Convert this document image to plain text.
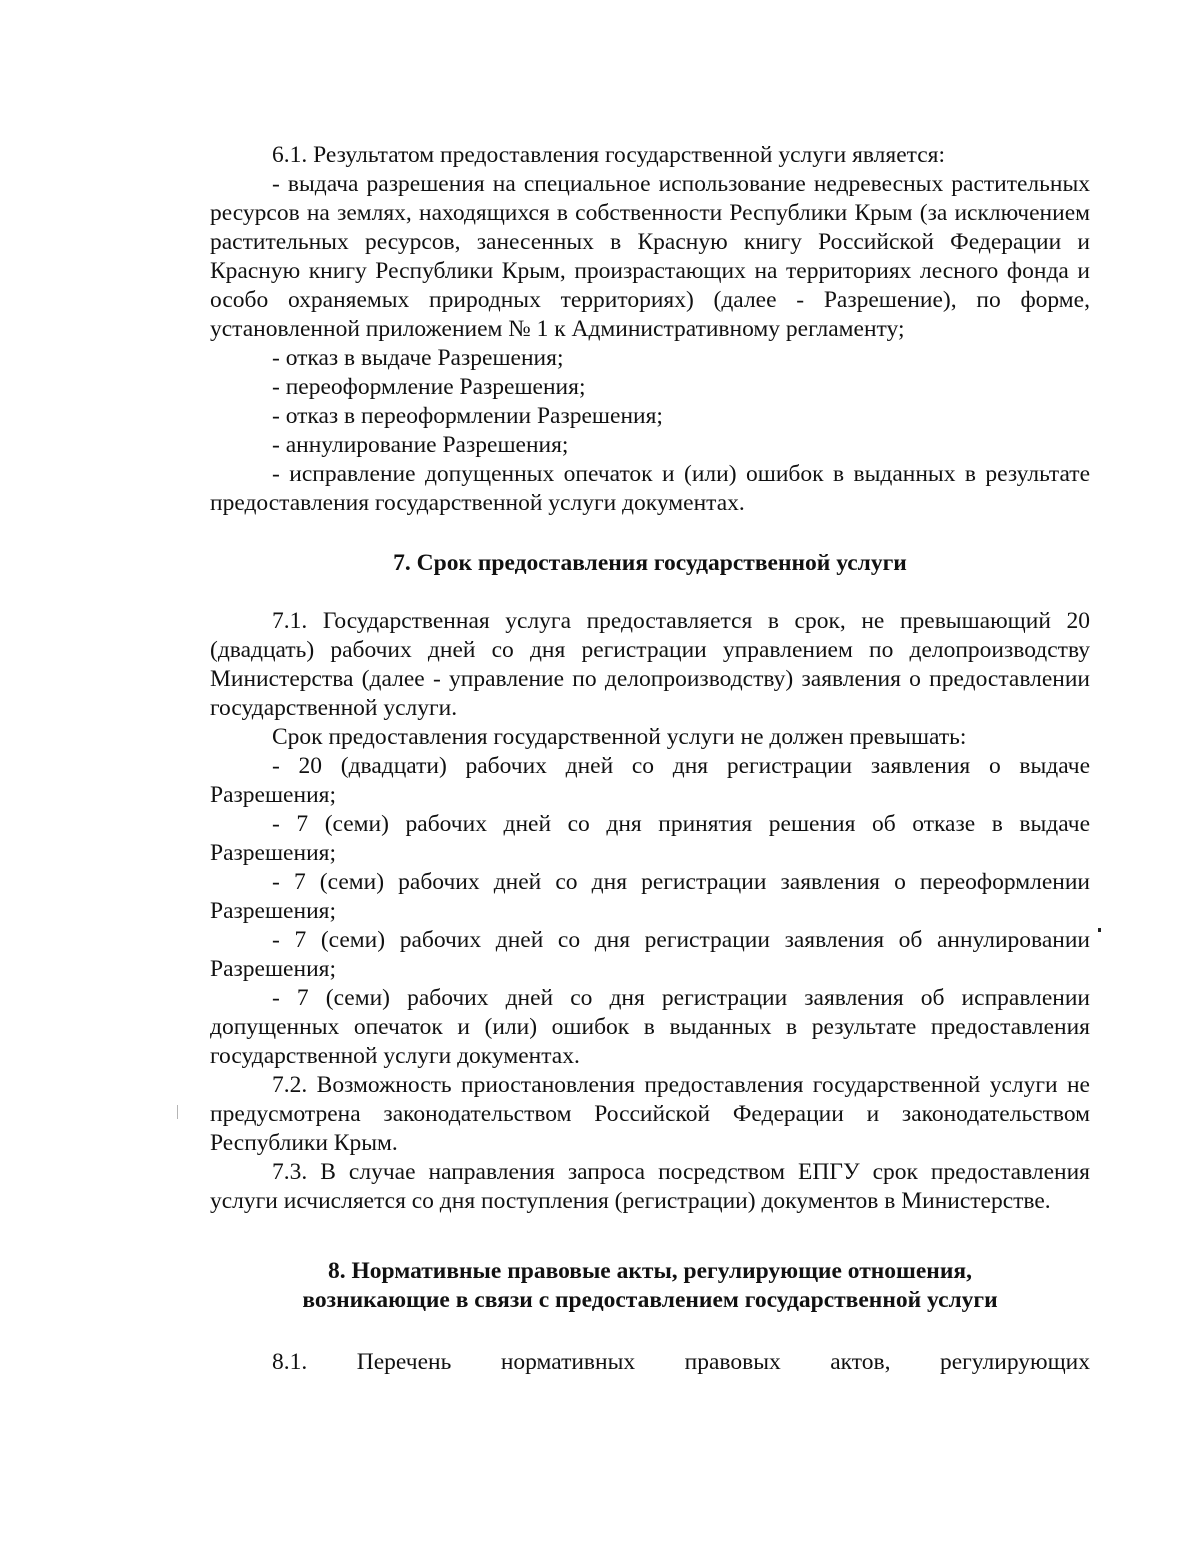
6.1. Результатом предоставления государственной услуги является:

- выдача разрешения на специальное использование недревесных растительных ресурсов на землях, находящихся в собственности Республики Крым (за исключением растительных ресурсов, занесенных в Красную книгу Российской Федерации и Красную книгу Республики Крым, произрастающих на территориях лесного фонда и особо охраняемых природных территориях) (далее - Разрешение), по форме, установленной приложением № 1 к Административному регламенту;

- отказ в выдаче Разрешения;

- переоформление Разрешения;

- отказ в переоформлении Разрешения;

- аннулирование Разрешения;

- исправление допущенных опечаток и (или) ошибок в выданных в результате предоставления государственной услуги документах.

7. Срок предоставления государственной услуги

7.1. Государственная услуга предоставляется в срок, не превышающий 20 (двадцать) рабочих дней со дня регистрации управлением по делопроизводству Министерства (далее - управление по делопроизводству) заявления о предоставлении государственной услуги.

Срок предоставления государственной услуги не должен превышать:

- 20 (двадцати) рабочих дней со дня регистрации заявления о выдаче Разрешения;

- 7 (семи) рабочих дней со дня принятия решения об отказе в выдаче Разрешения;

- 7 (семи) рабочих дней со дня регистрации заявления о переоформлении Разрешения;

- 7 (семи) рабочих дней со дня регистрации заявления об аннулировании Разрешения;

- 7 (семи) рабочих дней со дня регистрации заявления об исправлении допущенных опечаток и (или) ошибок в выданных в результате предоставления государственной услуги документах.

7.2. Возможность приостановления предоставления государственной услуги не предусмотрена законодательством Российской Федерации и законодательством Республики Крым.

7.3. В случае направления запроса посредством ЕПГУ срок предоставления услуги исчисляется со дня поступления (регистрации) документов в Министерстве.

8. Нормативные правовые акты, регулирующие отношения,
возникающие в связи с предоставлением государственной услуги

8.1. Перечень нормативных правовых актов, регулирующих
